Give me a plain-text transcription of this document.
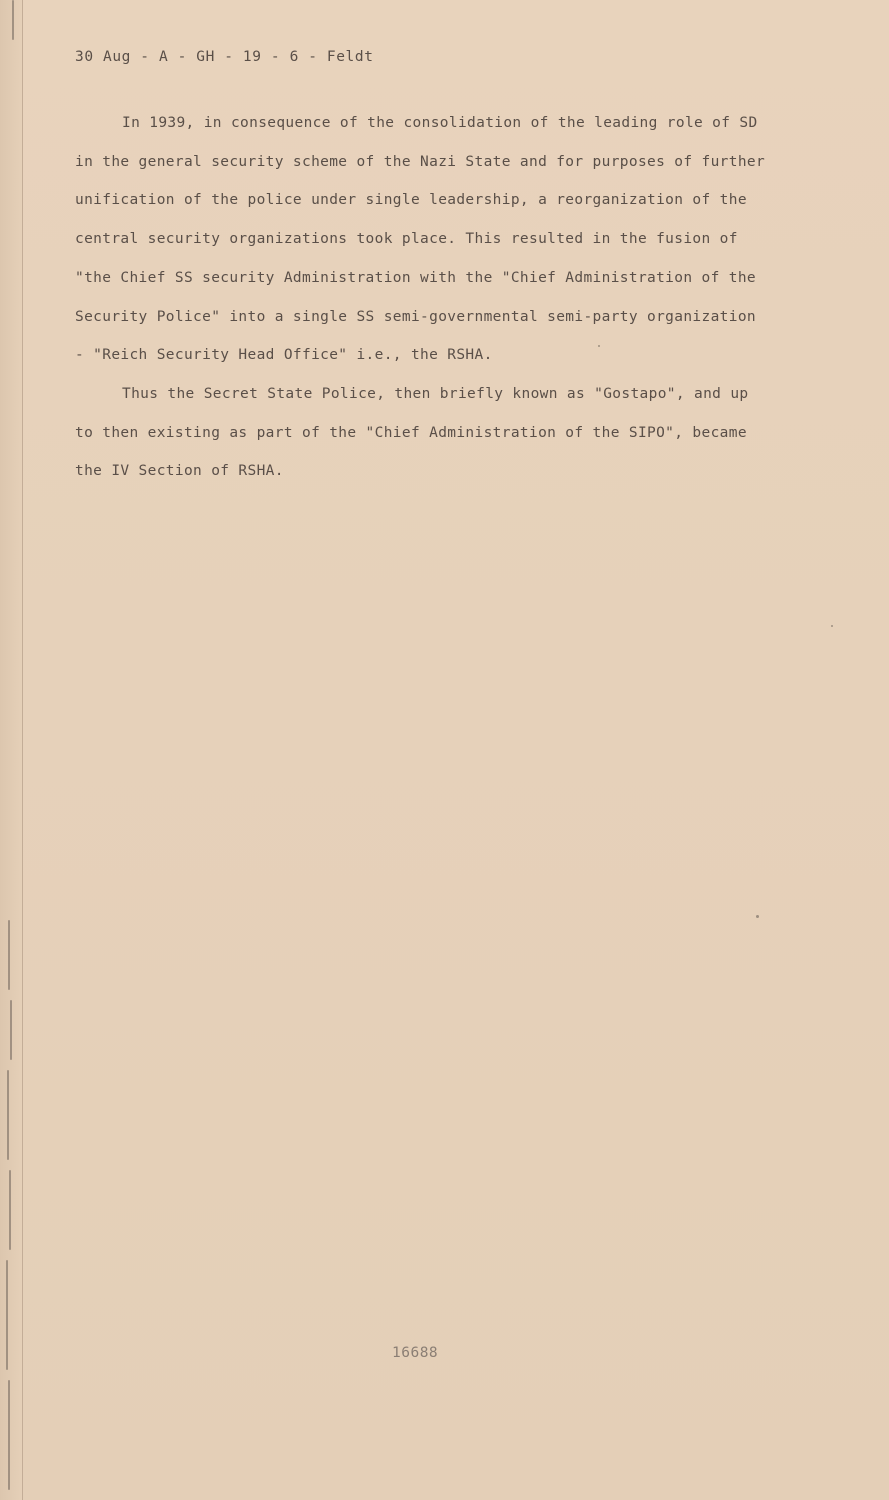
30 Aug - A - GH - 19 - 6 - Feldt
In 1939, in consequence of the consolidation of the leading role of SD
in the general security scheme of the Nazi State and for purposes of further
unification of the police under single leadership, a reorganization of the
central security organizations took place. This resulted in the fusion of
"the Chief SS security Administration with the "Chief Administration of the
Security Police" into a single SS semi-governmental semi-party organization
- "Reich Security Head Office" i.e., the RSHA.
Thus the Secret State Police, then briefly known as "Gostapo", and up
to then existing as part of the "Chief Administration of the SIPO", became
the IV Section of RSHA.
16688
